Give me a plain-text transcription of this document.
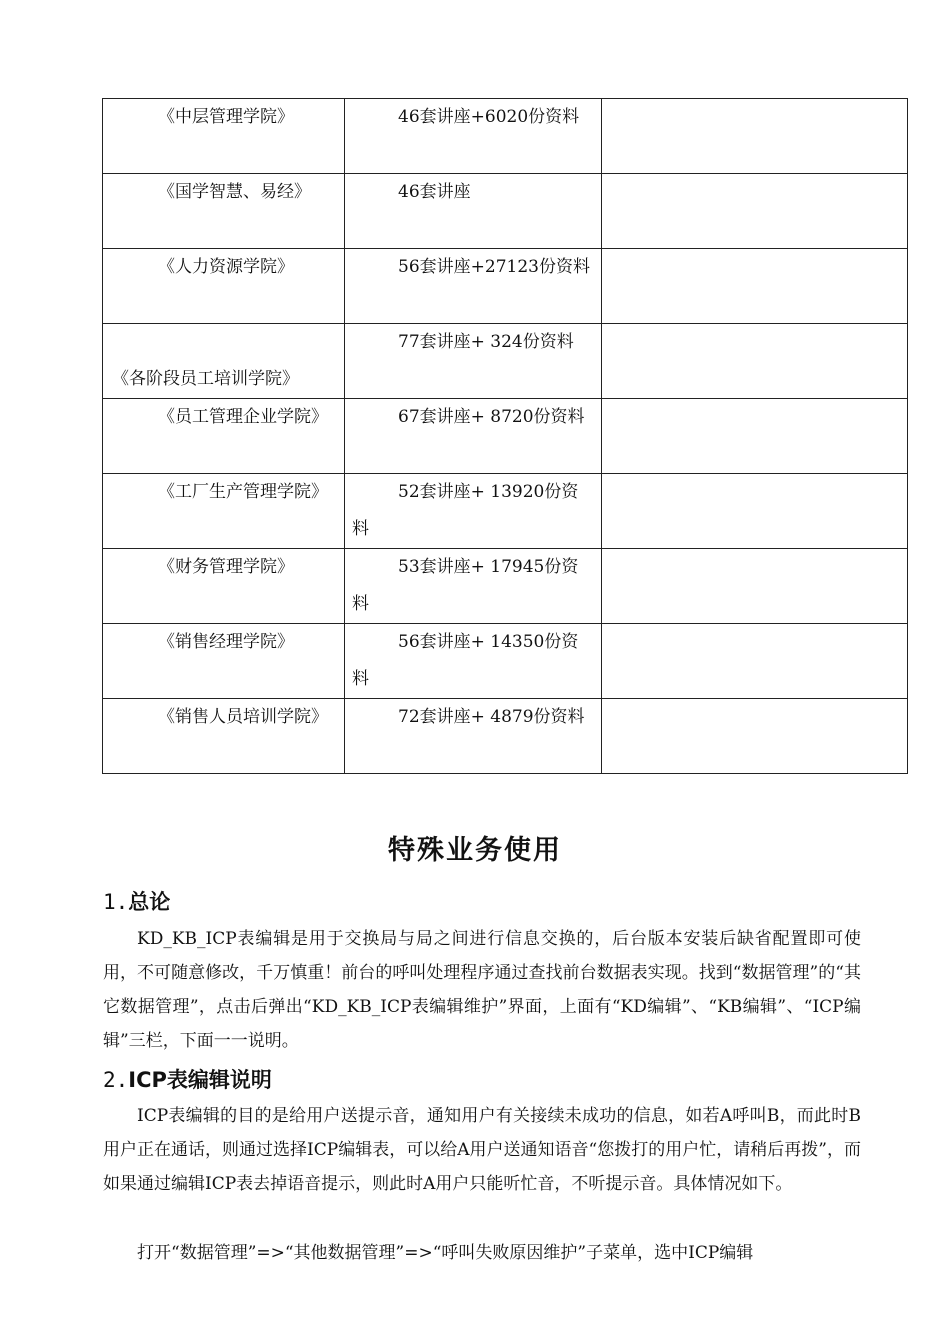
《中层管理学院》	46套讲座+6020份资料	
《国学智慧、易经》	46套讲座	
《人力资源学院》	56套讲座+27123份资料	
《各阶段员工培训学院》	77套讲座+ 324份资料	
《员工管理企业学院》	67套讲座+ 8720份资料	
《工厂生产管理学院》	52套讲座+ 13920份资料	
《财务管理学院》	53套讲座+ 17945份资料	
《销售经理学院》	56套讲座+ 14350份资料	
《销售人员培训学院》	72套讲座+ 4879份资料	
特殊业务使用
1.总论

KD_KB_ICP表编辑是用于交换局与局之间进行信息交换的，后台版本安装后缺省配置即可使用，不可随意修改，千万慎重！前台的呼叫处理程序通过查找前台数据表实现。找到“数据管理”的“其它数据管理”，点击后弹出“KD_KB_ICP表编辑维护”界面，上面有“KD编辑”、“KB编辑”、“ICP编辑”三栏，下面一一说明。

2.ICP表编辑说明

ICP表编辑的目的是给用户送提示音，通知用户有关接续未成功的信息，如若A呼叫B，而此时B用户正在通话，则通过选择ICP编辑表，可以给A用户送通知语音“您拨打的用户忙，请稍后再拨”，而如果通过编辑ICP表去掉语音提示，则此时A用户只能听忙音，不听提示音。具体情况如下。

打开“数据管理”=>“其他数据管理”=>“呼叫失败原因维护”子菜单，选中ICP编辑
